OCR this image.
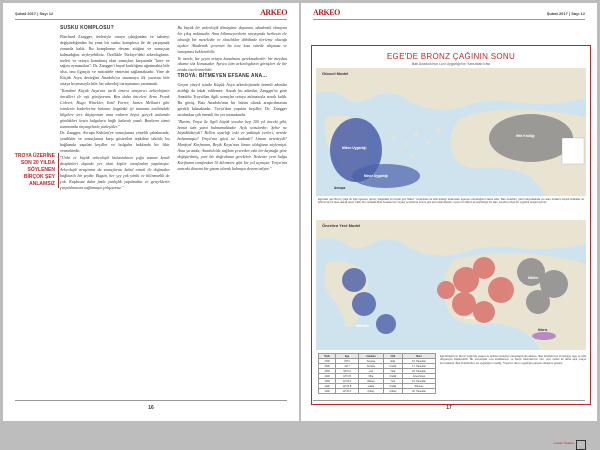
Şubat 2017 | Sayı 12	ARKEO
TROYA ÜZERİNE SON 20 YILDA SÖYLENEN BİRÇOK ŞEY ANLAMSIZ
SUSKU KOMPLOSU?

Eberhard Zangger, tezleriyle ortaya çıktığından ve sahneyi değiştirdiğinden bu yana bir susku komplosu ile de çarpışmak zorunda kaldı. Bu komplonun devam ettiğini ve sonuçsuz kalmadığını söyleyebiliriz. Özellikle Türkiye'deki arkeologların, tezleri ve ortaya konulmuş olan sonuçları karşısında "köre ve sağıra oynamaları", Dr. Zangger'i hayal kırıklığına uğratmakta bile olsa, onu ilginçtir ve mücadele etmesini sağlamaktadır. Yine de Küçük Asya desteğini Anadolu'ya tanıtmaya ilk yazısını bile ortaya koymasıyla bile, bir arkeoloji tartışmasını yaratmadı.

"Kendimi Küçük Asya'nın tarih öncesi araştırıcı arkeolojinin öncülleri ile eşit görüyorum: Ben daha önceleri Arno Frank Colvert, Hugo Winckler, Emil Forrer, James Mellaart gibi isimlerin kaderlerine bakınız; bugünkü iyi tanınma tarihindeki bilgilere ters düşüyorum ama onların hepsi gerçek anlamda gördükleri kesin bulgulara bağlı kalarak yazdı. Bunların tümü zamanında önyargılarla yüzleştiler."

Dr. Zangger, Avrupa Kültürü'ye sonuçlarına yönelik çabalarında, yenilikler ve sonuçlarına karşı gösterilen tepkilere takıldı; bu bağlamda yapılan keşifler ve bulgular hakkında bir fikir vermektedir.

"Ünlü ve büyük arkeolojik buluntuların çoğu zaman kendi disiplinleri dışında yer alan kişiler tarafından yapılmıştır. Arkeolojik araştırma da sonuçlarını kabul etmek ile doğrudan bağlantılı bir şeydir. Bugün, her şey çok yönlü ve bilinmezlik de çok. Kuşkusuz daha fazla yanlışlık yapılmakta ve gerçeklerin çarpıtılmasını sağlamaya çalışıyoruz."

Bu büyük bir arkeolojik dönüşüme dayanan, akademik olmayan bir çıkış noktasıdır. Ama bilinmeyenlerin arayışında herkesin ele alacağı bir meseledir ve olasılıklar dâhilinde ilerleme olacağı açıktır. Akademik çevrenin bu teze kısa sürede alışması ve tartışması beklenebilir.

Ve özetle, bir şeyin ortaya konulması gerekmektedir; bir meydan okuma söz konusudur. Ayrıca tüm arkeologların görüşleri de bir arada incelenmelidir.

TROYA: BİTMEYEN EFSANE ANA...

Geçen yüzyıl içinde Küçük Asya arkeolojisinde önemli adımlar atıldığı da inkâr edilemez. Ancak bu adımlar, Zangger'in göre Anadolu Troya'dan ilgili sonuçlar ortaya atılmasıyla sınırlı kaldı. Bu görüş, Batı Anadolu'nun bir bütün olarak araştırılmasını gerekli kılmaktadır. Troya'dan yapılan keşifler, Dr. Zangger tarafından çok önemli bir yer tutmaktadır.

"Benim, Troya ile ilgili büyük sorular hep 100 yıl önceki gibi, henüz tam yanıt bulmamaktadır. Açık sorulardır: Şehir ne büyüklükteydi? Hellen uyarlığı eski ve yaklaşık yerleri, nerede bulunmuştu? Troya'nın gücü ne kadardı? Liman neredeydi? Manfred Korfmann, Beşik Koyu'nun liman olduğunu söylemişti. Ama şu anda, Anadolu'da sağlam çevreden eski bir kaynağa göre değiştirilmiş, yeni bir doğrulama gerektirir. Nedense yeni bulgu Korfmann tarafından 10 kilometre gibi bir yol açmıştır. Troya'nın sonraki dönemi bir gizem olarak kalmaya devam ediyor."

16
ARKEO	Şubat 2017 | Sayı 12
EGE'DE BRONZ ÇAĞININ SONU
Batı Anadolu'nun Luvi Uygarlığı'nın Yansıtılan ırası
Güncel Model
Hitit Krallığı
Miken Uygarlığı
Minor Uygarlığı
Avrupa
Ege'deki geç Bronz Çağı ile ilgili egemen görüş, bölgedeki iki büyük güç Miken Yunanistan ile Hitit krallığı tarafından egemen olunduğunu kabul eder. Batı Anadolu, yazılı kaynaklarda yer alan birtakım küçük krallıklar ile bölünmüş bir alan olarak tasvir edilir. Bu modelde Batı Anadolu'nun siyasi ve kültürel önemi göz ardı edilmektedir; oysa Luvi dilinin konuşulduğu bu alan, kendine özgü bir uygarlık oluşturuyordu.
Önerilen Yeni Model
Mikenler
Luviler
Hititler
Kıbrıs
Tarih	Ege	Anadolu	Hitit	Mısır
1700	OH II	Assuwa	Eski	15. Hanedan
1600	GH I	Arzawa	Krallık	17. Hanedan
1500	GH II A	Luvi	Orta	18. Hanedan
1400	GH II B	Mira	Krallık	Amenhotep
1300	GH III A	Wilusa	Yeni	19. Hanedan
1200	GH III B	Lukka	Krallık	Ramses
1100	GH III C	Çöküş	Çöküş	20. Hanedan
Ege Bölgesi'nin Bronz Çağı'nda yaşanmış tarihsel süreçlerin karşılaştırmalı tablosu. Batı Anadolu'nun kronolojisi, Ege ve Hitit dünyasıyla ilişkilendirilir. Bu kronolojide Luvi krallıklarının ve Deniz Kavimleri'nin rolü, yeni model ile daha açık ortaya konmaktadır. Batı Anadolu'da Luvi uygarlığının varlığı, Troya'nın da bu uygarlığın parçası olduğunu gösterir.
Luwian Studies
17
